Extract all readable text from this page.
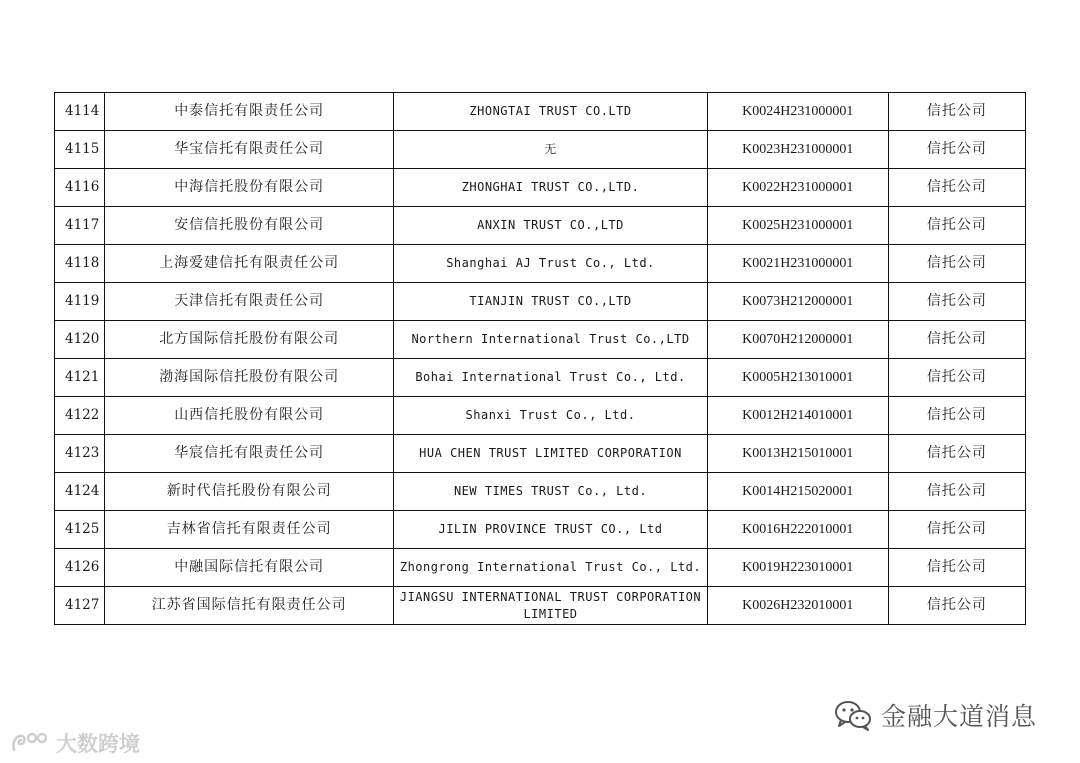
4114	中泰信托有限责任公司	ZHONGTAI TRUST CO.LTD	K0024H231000001	信托公司
4115	华宝信托有限责任公司	无	K0023H231000001	信托公司
4116	中海信托股份有限公司	ZHONGHAI TRUST CO.,LTD.	K0022H231000001	信托公司
4117	安信信托股份有限公司	ANXIN TRUST CO.,LTD	K0025H231000001	信托公司
4118	上海爱建信托有限责任公司	Shanghai AJ Trust Co., Ltd.	K0021H231000001	信托公司
4119	天津信托有限责任公司	TIANJIN TRUST CO.,LTD	K0073H212000001	信托公司
4120	北方国际信托股份有限公司	Northern International Trust Co.,LTD	K0070H212000001	信托公司
4121	渤海国际信托股份有限公司	Bohai International Trust Co., Ltd.	K0005H213010001	信托公司
4122	山西信托股份有限公司	Shanxi Trust Co., Ltd.	K0012H214010001	信托公司
4123	华宸信托有限责任公司	HUA CHEN TRUST LIMITED CORPORATION	K0013H215010001	信托公司
4124	新时代信托股份有限公司	NEW TIMES TRUST Co., Ltd.	K0014H215020001	信托公司
4125	吉林省信托有限责任公司	JILIN PROVINCE TRUST CO., Ltd	K0016H222010001	信托公司
4126	中融国际信托有限公司	Zhongrong International Trust Co., Ltd.	K0019H223010001	信托公司
4127	江苏省国际信托有限责任公司	JIANGSU INTERNATIONAL TRUST CORPORATION LIMITED	K0026H232010001	信托公司
大数跨境
金融大道消息
